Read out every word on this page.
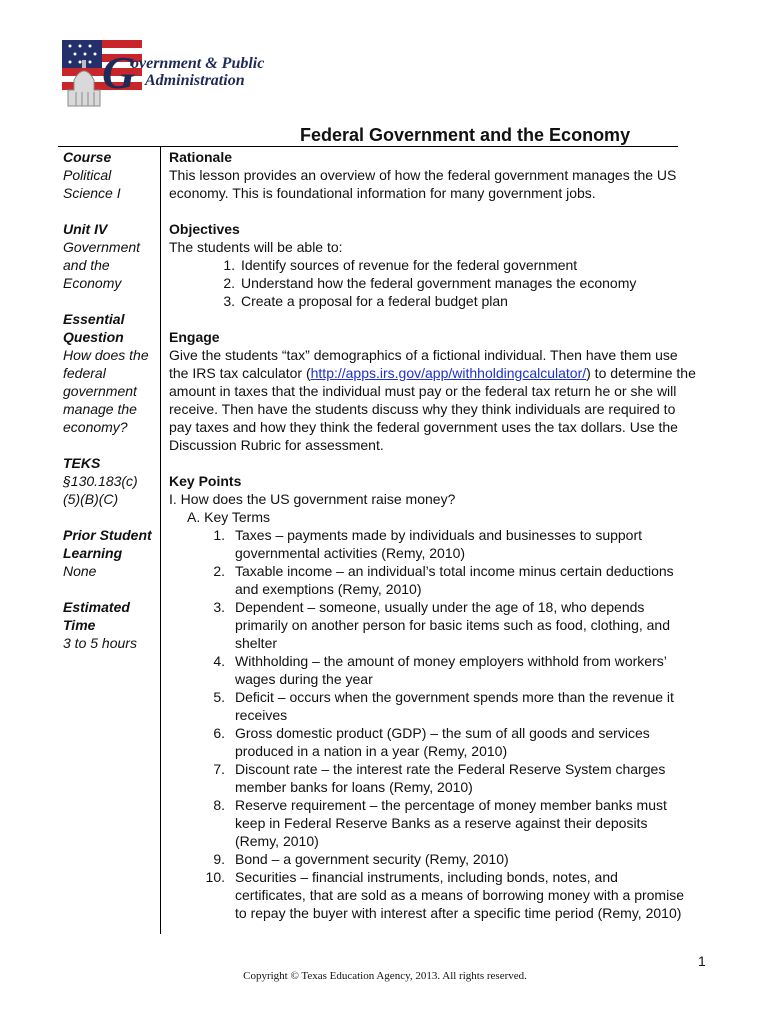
G
overnment & Public
Administration
Federal Government and the Economy
Course
Political Science I
Unit IV
Government and the Economy
Essential Question
How does the federal government manage the economy?
TEKS
§130.183(c) (5)(B)(C)
Prior Student Learning
None
Estimated Time
3 to 5 hours
Rationale

This lesson provides an overview of how the federal government manages the US economy. This is foundational information for many government jobs.

Objectives

The students will be able to:

1. Identify sources of revenue for the federal government
2. Understand how the federal government manages the economy
3. Create a proposal for a federal budget plan
Engage

Give the students “tax” demographics of a fictional individual. Then have them use the IRS tax calculator (http://apps.irs.gov/app/withholdingcalculator/) to determine the amount in taxes that the individual must pay or the federal tax return he or she will receive. Then have the students discuss why they think individuals are required to pay taxes and how they think the federal government uses the tax dollars. Use the Discussion Rubric for assessment.

Key Points
I. How does the US government raise money?
A. Key Terms
1. Taxes – payments made by individuals and businesses to support governmental activities (Remy, 2010)
2. Taxable income – an individual’s total income minus certain deductions and exemptions (Remy, 2010)
3. Dependent – someone, usually under the age of 18, who depends primarily on another person for basic items such as food, clothing, and shelter
4. Withholding – the amount of money employers withhold from workers’ wages during the year
5. Deficit – occurs when the government spends more than the revenue it receives
6. Gross domestic product (GDP) – the sum of all goods and services produced in a nation in a year (Remy, 2010)
7. Discount rate – the interest rate the Federal Reserve System charges member banks for loans (Remy, 2010)
8. Reserve requirement – the percentage of money member banks must keep in Federal Reserve Banks as a reserve against their deposits (Remy, 2010)
9. Bond – a government security (Remy, 2010)
10. Securities – financial instruments, including bonds, notes, and certificates, that are sold as a means of borrowing money with a promise to repay the buyer with interest after a specific time period (Remy, 2010)
1
Copyright © Texas Education Agency, 2013. All rights reserved.
